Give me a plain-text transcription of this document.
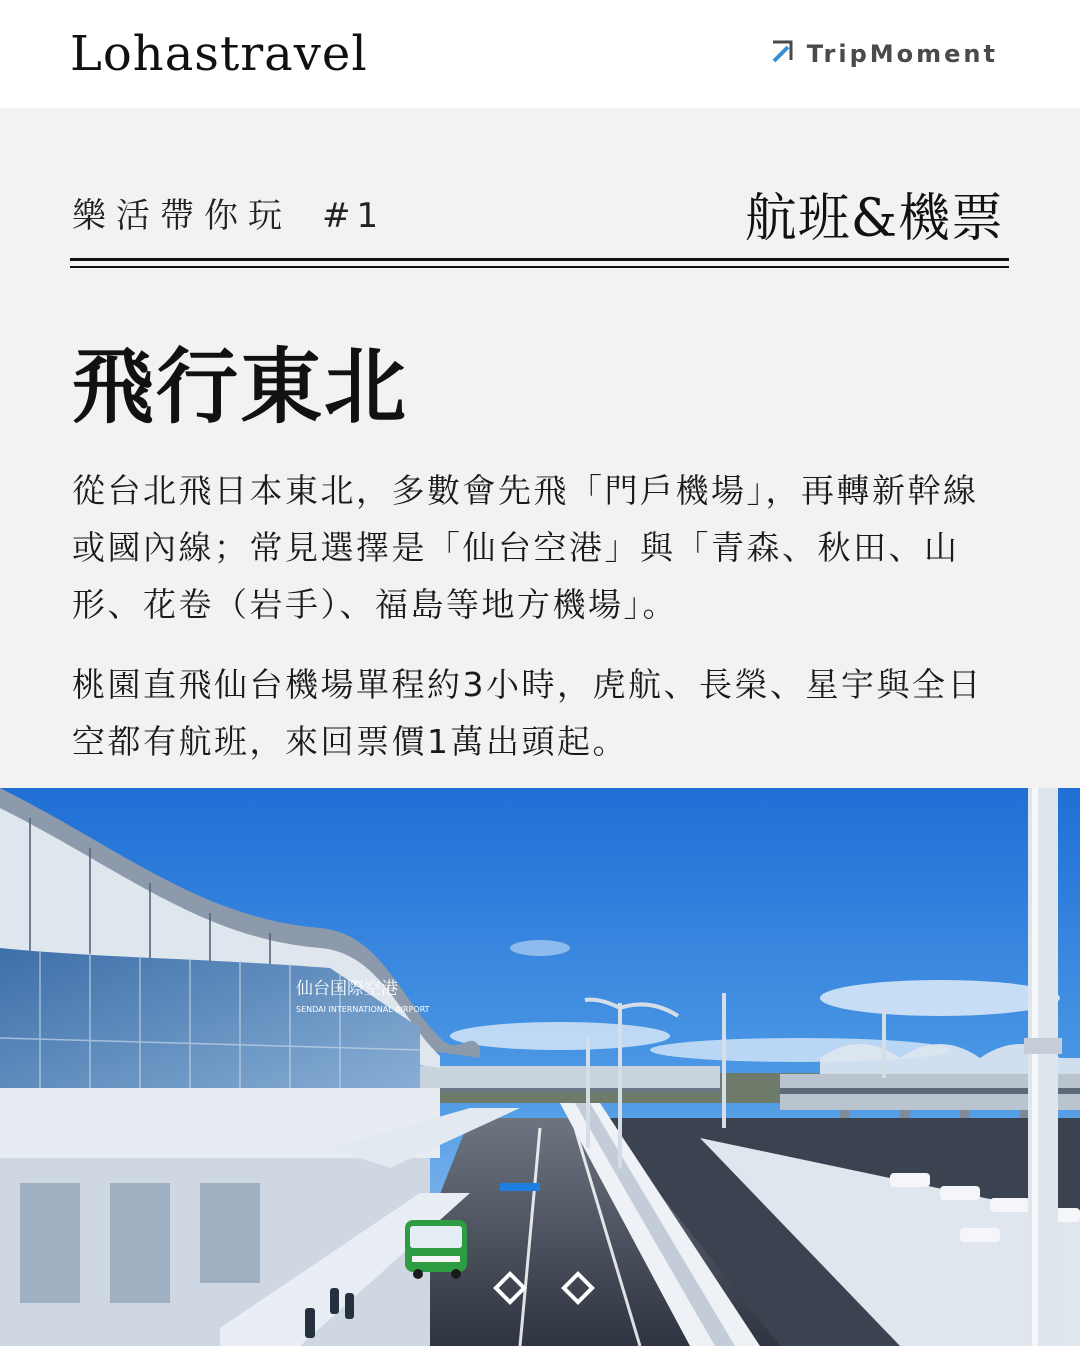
Lohastravel	TripMoment
樂活帶你玩 #1	航班&機票
飛行東北

從台北飛日本東北，多數會先飛「門戶機場」，再轉新幹線或國內線；常見選擇是「仙台空港」與「青森、秋田、山形、花卷（岩手）、福島等地方機場」。

桃園直飛仙台機場單程約3小時，虎航、長榮、星宇與全日空都有航班，來回票價1萬出頭起。

仙台国際空港
SENDAI INTERNATIONAL AIRPORT
